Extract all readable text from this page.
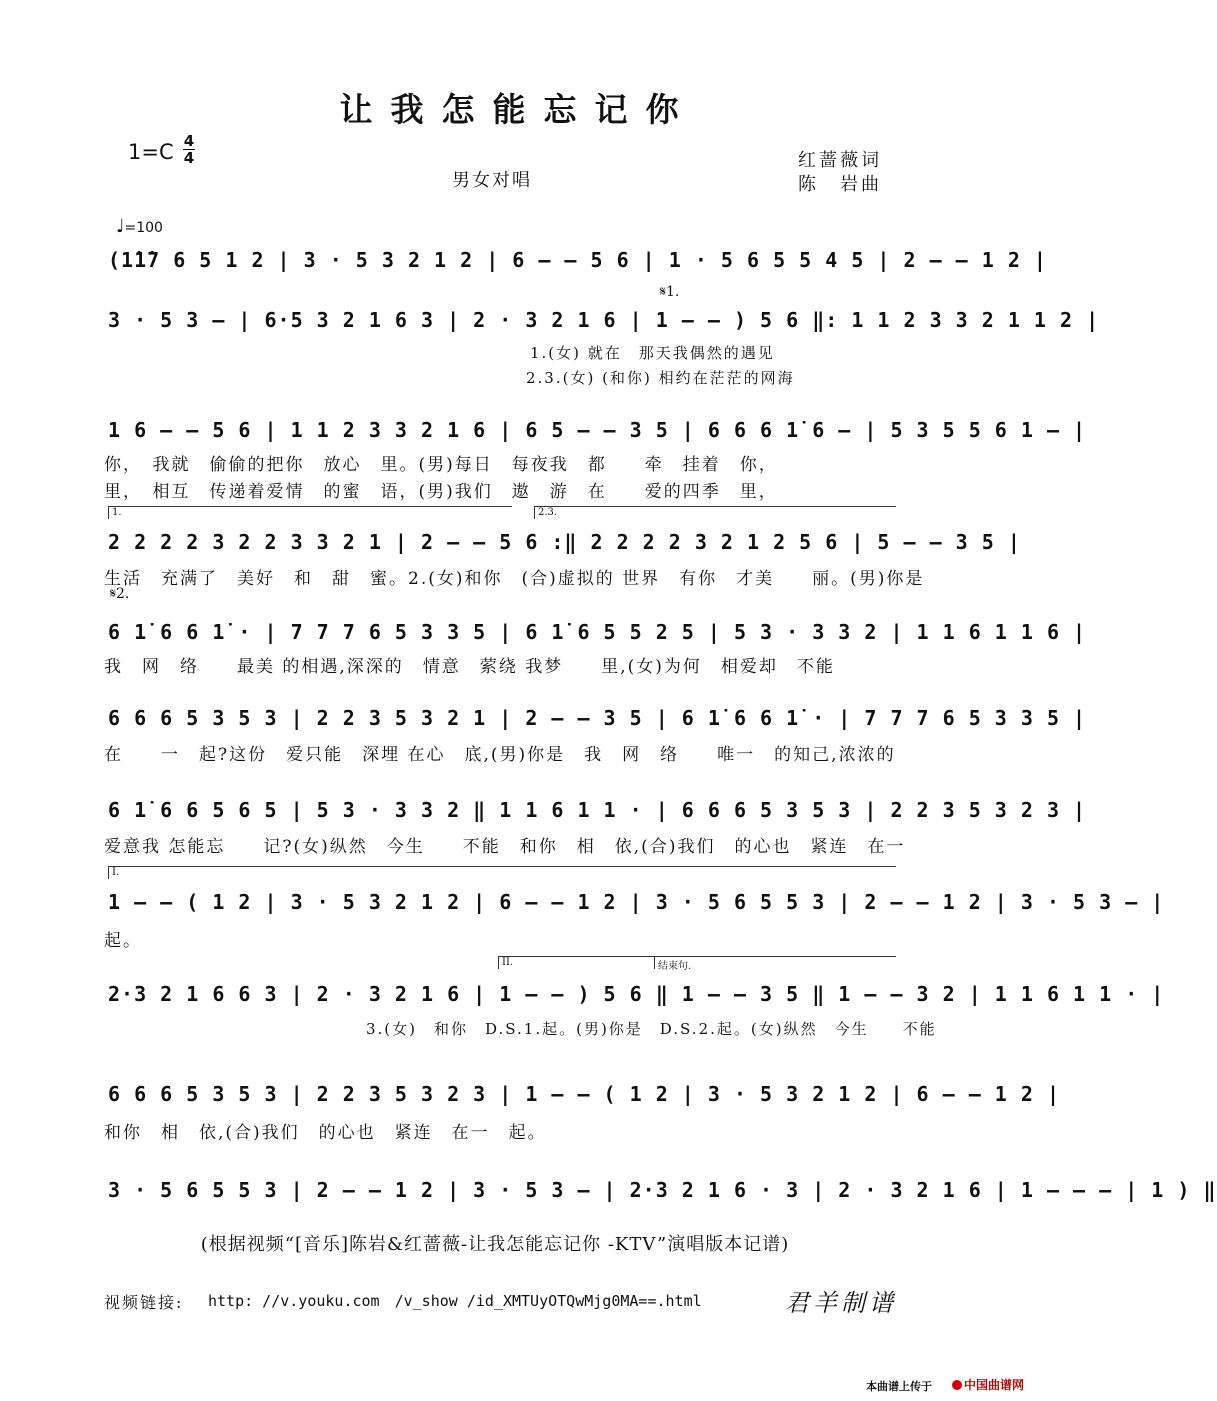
让我怎能忘记你
1=C 4
4	红蔷薇词
陈　岩曲
男女对唱
♩=100
(1̇1̇7 6 5 1 2 | 3 · 5 3 2 1 2 | 6 – – 5 6 | 1 · 5 6 5 5 4 5 | 2 – – 1 2 |
𝄋1.
3 · 5 3 – | 6·5 3 2 1 6 3 | 2 · 3 2 1 6 | 1 – – ) 5 6 ‖: 1 1 2 3 3 2 1 1 2 |
1.(女) 就在　那天我偶然的遇见
2.3.(女) (和你) 相约在茫茫的网海
1 6 – – 5 6 | 1 1 2 3 3 2 1 6 | 6 5 – – 3 5 | 6 6 6 1̇ 6 – | 5 3 5 5 6 1 – |
你，　我就　偷偷的把你　放心　里。(男)每日　每夜我　都　　牵　挂着　你，
里，　相互　传递着爱情　的蜜　语，(男)我们　遨　游　在　　爱的四季　里，
1.	2.3.
2 2 2 2 3 2 2 3 3 2 1 | 2 – – 5 6 :‖ 2 2 2 2 3 2 1 2 5 6 | 5 – – 3 5 |
生活　充满了　美好　和　甜　蜜。2.(女)和你　(合)虚拟的 世界　有你　才美　　丽。(男)你是
𝄋2.
6 1̇ 6 6 1̇ · | 7 7 7 6 5 3 3 5 | 6 1̇ 6 5 5 2 5 | 5 3 · 3 3 2 | 1 1 6 1 1 6 |
我　网　络　　最美 的相遇,深深的　情意　萦绕 我梦　　里,(女)为何　相爱却　不能
6 6 6 5 3 5 3 | 2 2 3 5 3 2 1 | 2 – – 3 5 | 6 1̇ 6 6 1̇ · | 7 7 7 6 5 3 3 5 |
在　　一　起?这份　爱只能　深埋 在心　底,(男)你是　我　网　络　　唯一　的知己,浓浓的
6 1̇ 6 6 5 6 5 | 5 3 · 3 3 2 ‖ 1 1 6 1 1 · | 6 6 6 5 3 5 3 | 2 2 3 5 3 2 3 |
爱意我 怎能忘　　记?(女)纵然　今生　　不能　和你　相　依,(合)我们　的心也　紧连　在一
I.
1 – – ( 1 2 | 3 · 5 3 2 1 2 | 6 – – 1 2 | 3 · 5 6 5 5 3 | 2 – – 1 2 | 3 · 5 3 – |
起。
II.	结束句.
2·3 2 1 6 6 3 | 2 · 3 2 1 6 | 1 – – ) 5 6 ‖ 1 – – 3 5 ‖ 1 – – 3 2 | 1 1 6 1 1 · |
3.(女)　和你　D.S.1.起。(男)你是　D.S.2.起。(女)纵然　今生　　不能
6 6 6 5 3 5 3 | 2 2 3 5 3 2 3 | 1 – – ( 1 2 | 3 · 5 3 2 1 2 | 6 – – 1 2 |
和你　相　依,(合)我们　的心也　紧连　在一　起。
3 · 5 6 5 5 3 | 2 – – 1 2 | 3 · 5 3 – | 2·3 2 1 6 · 3 | 2 · 3 2 1 6 | 1 – – – | 1 ) ‖
(根据视频“[音乐]陈岩&红蔷薇-让我怎能忘记你 -KTV”演唱版本记谱)
视频链接: http: //v.youku.com　/v_show /id_XMTUyOTQwMjg0MA==.html	君羊制谱
本曲谱上传于	中国曲谱网
